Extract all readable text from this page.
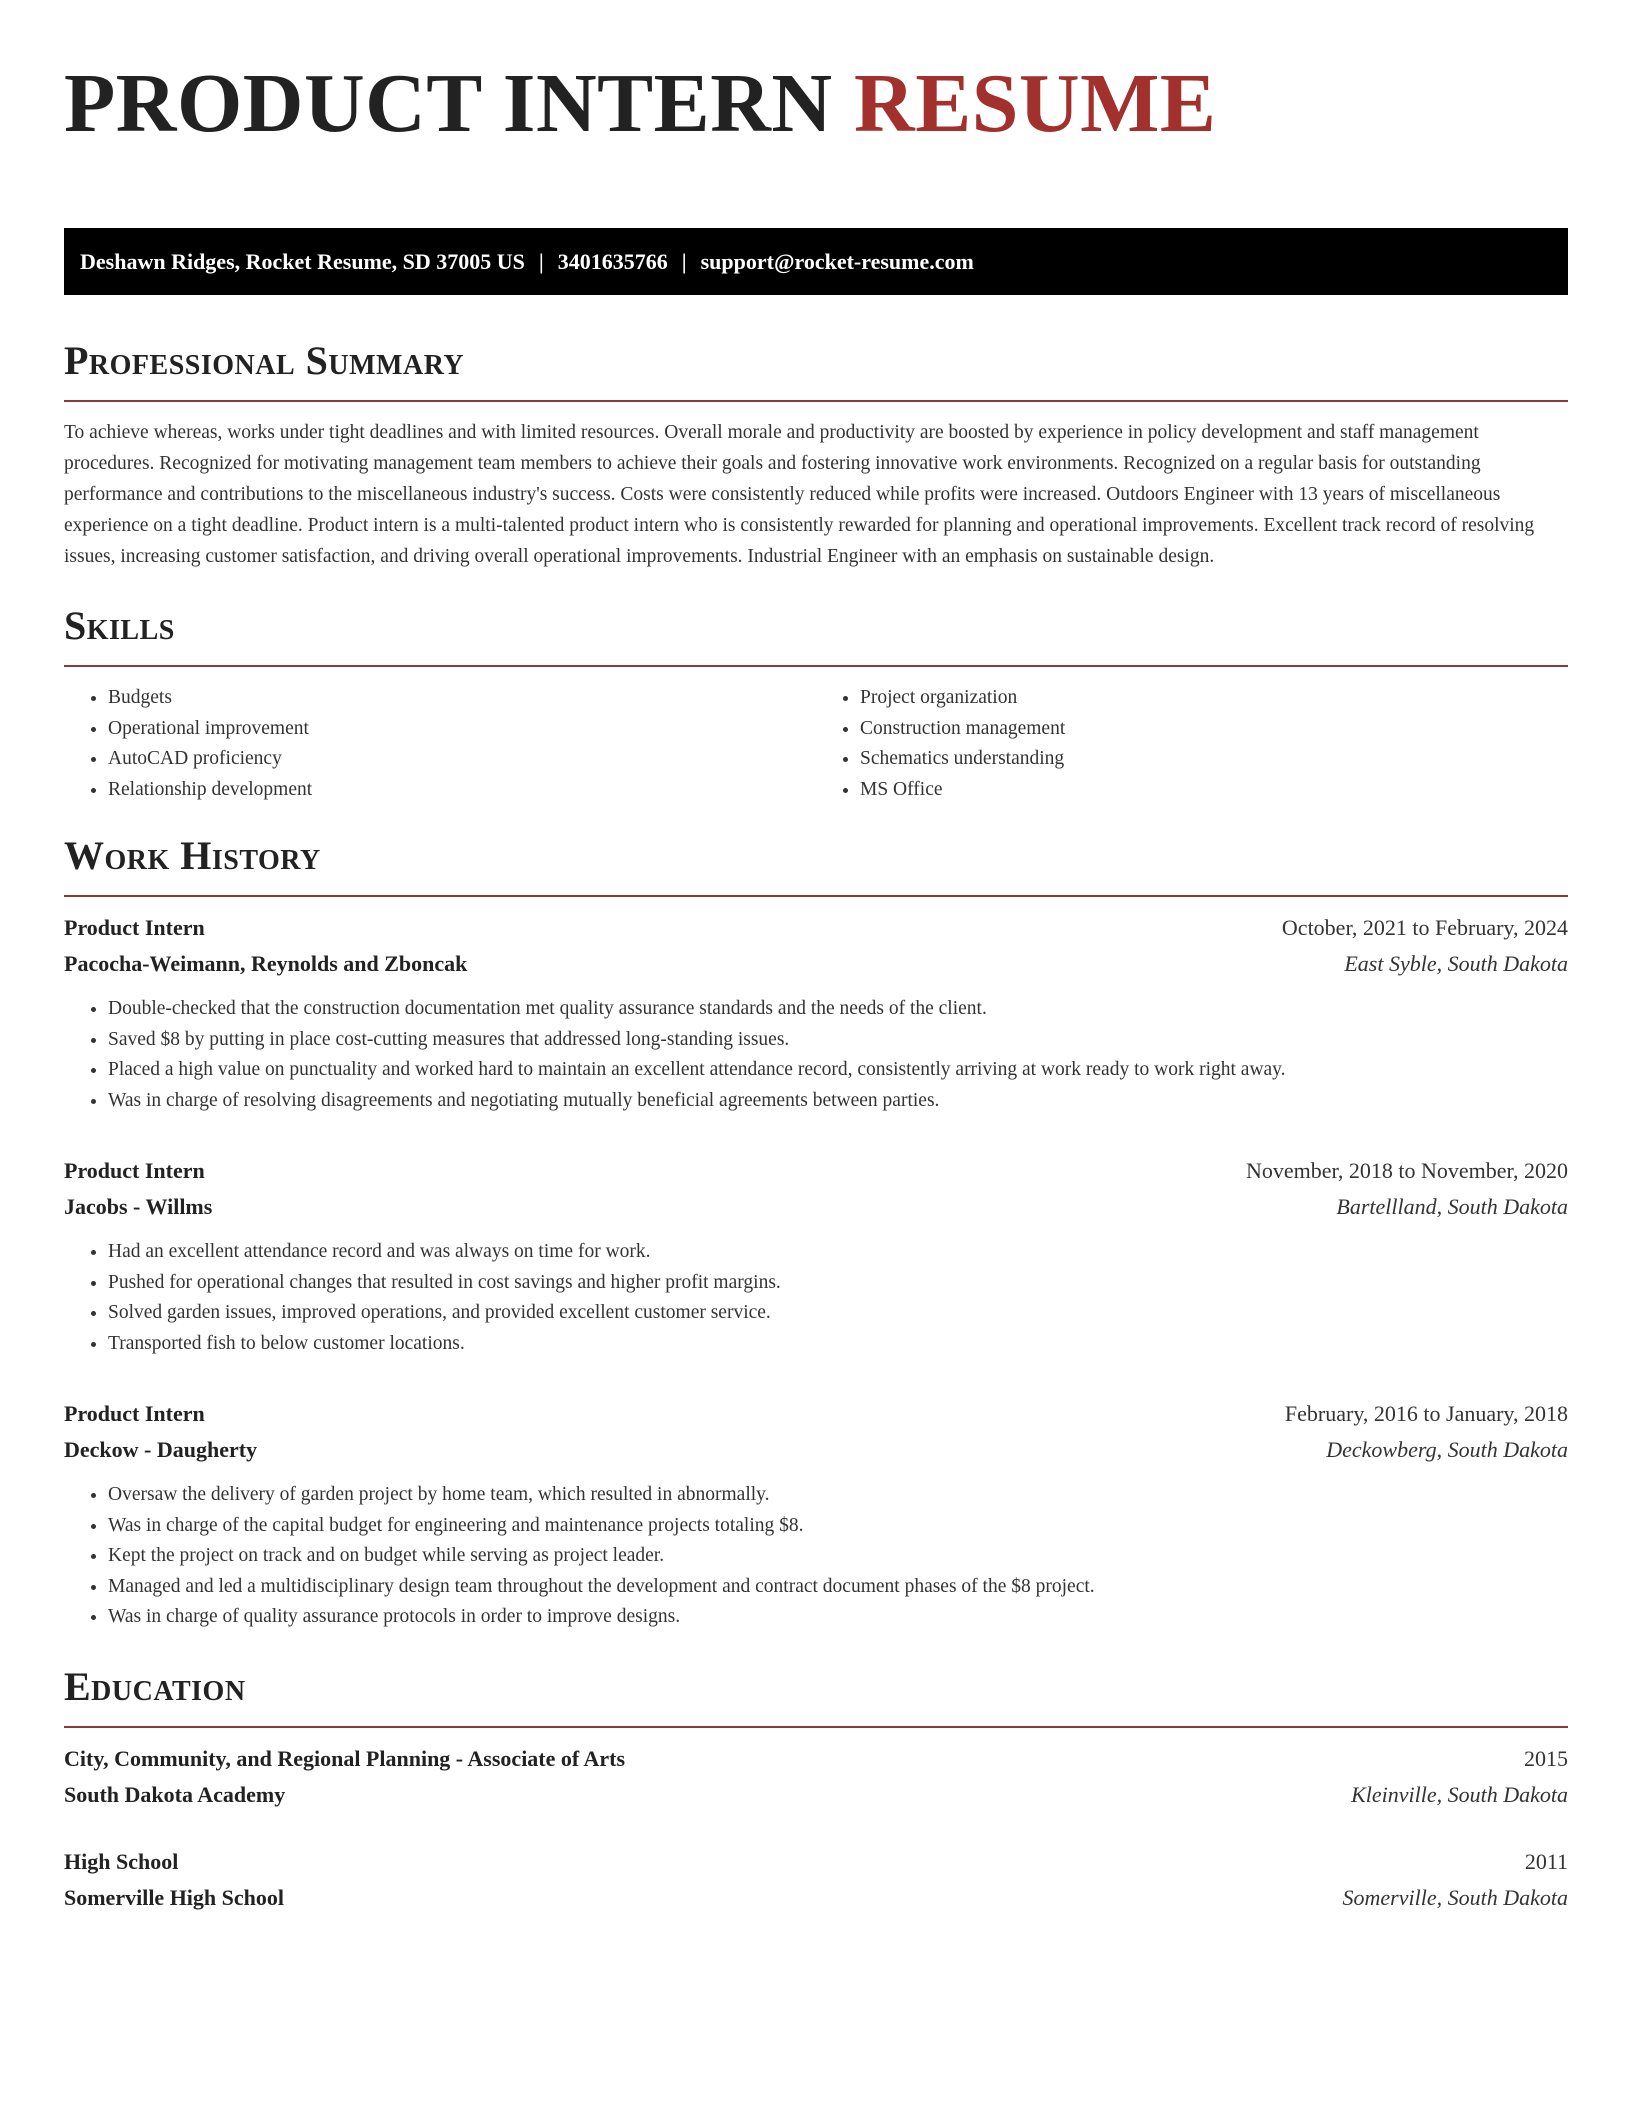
PRODUCT INTERN RESUME
Deshawn Ridges, Rocket Resume, SD 37005 US | 3401635766 | support@rocket-resume.com
Professional Summary

To achieve whereas, works under tight deadlines and with limited resources. Overall morale and productivity are boosted by experience in policy development and staff management procedures. Recognized for motivating management team members to achieve their goals and fostering innovative work environments. Recognized on a regular basis for outstanding performance and contributions to the miscellaneous industry's success. Costs were consistently reduced while profits were increased. Outdoors Engineer with 13 years of miscellaneous experience on a tight deadline. Product intern is a multi-talented product intern who is consistently rewarded for planning and operational improvements. Excellent track record of resolving issues, increasing customer satisfaction, and driving overall operational improvements. Industrial Engineer with an emphasis on sustainable design.

Skills
• Budgets
• Operational improvement
• AutoCAD proficiency
• Relationship development
• Project organization
• Construction management
• Schematics understanding
• MS Office
Work History
Product Intern	October, 2021 to February, 2024
Pacocha-Weimann, Reynolds and Zboncak	East Syble, South Dakota
• Double-checked that the construction documentation met quality assurance standards and the needs of the client.
• Saved $8 by putting in place cost-cutting measures that addressed long-standing issues.
• Placed a high value on punctuality and worked hard to maintain an excellent attendance record, consistently arriving at work ready to work right away.
• Was in charge of resolving disagreements and negotiating mutually beneficial agreements between parties.
Product Intern	November, 2018 to November, 2020
Jacobs - Willms	Bartellland, South Dakota
• Had an excellent attendance record and was always on time for work.
• Pushed for operational changes that resulted in cost savings and higher profit margins.
• Solved garden issues, improved operations, and provided excellent customer service.
• Transported fish to below customer locations.
Product Intern	February, 2016 to January, 2018
Deckow - Daugherty	Deckowberg, South Dakota
• Oversaw the delivery of garden project by home team, which resulted in abnormally.
• Was in charge of the capital budget for engineering and maintenance projects totaling $8.
• Kept the project on track and on budget while serving as project leader.
• Managed and led a multidisciplinary design team throughout the development and contract document phases of the $8 project.
• Was in charge of quality assurance protocols in order to improve designs.
Education
City, Community, and Regional Planning - Associate of Arts	2015
South Dakota Academy	Kleinville, South Dakota
High School	2011
Somerville High School	Somerville, South Dakota
